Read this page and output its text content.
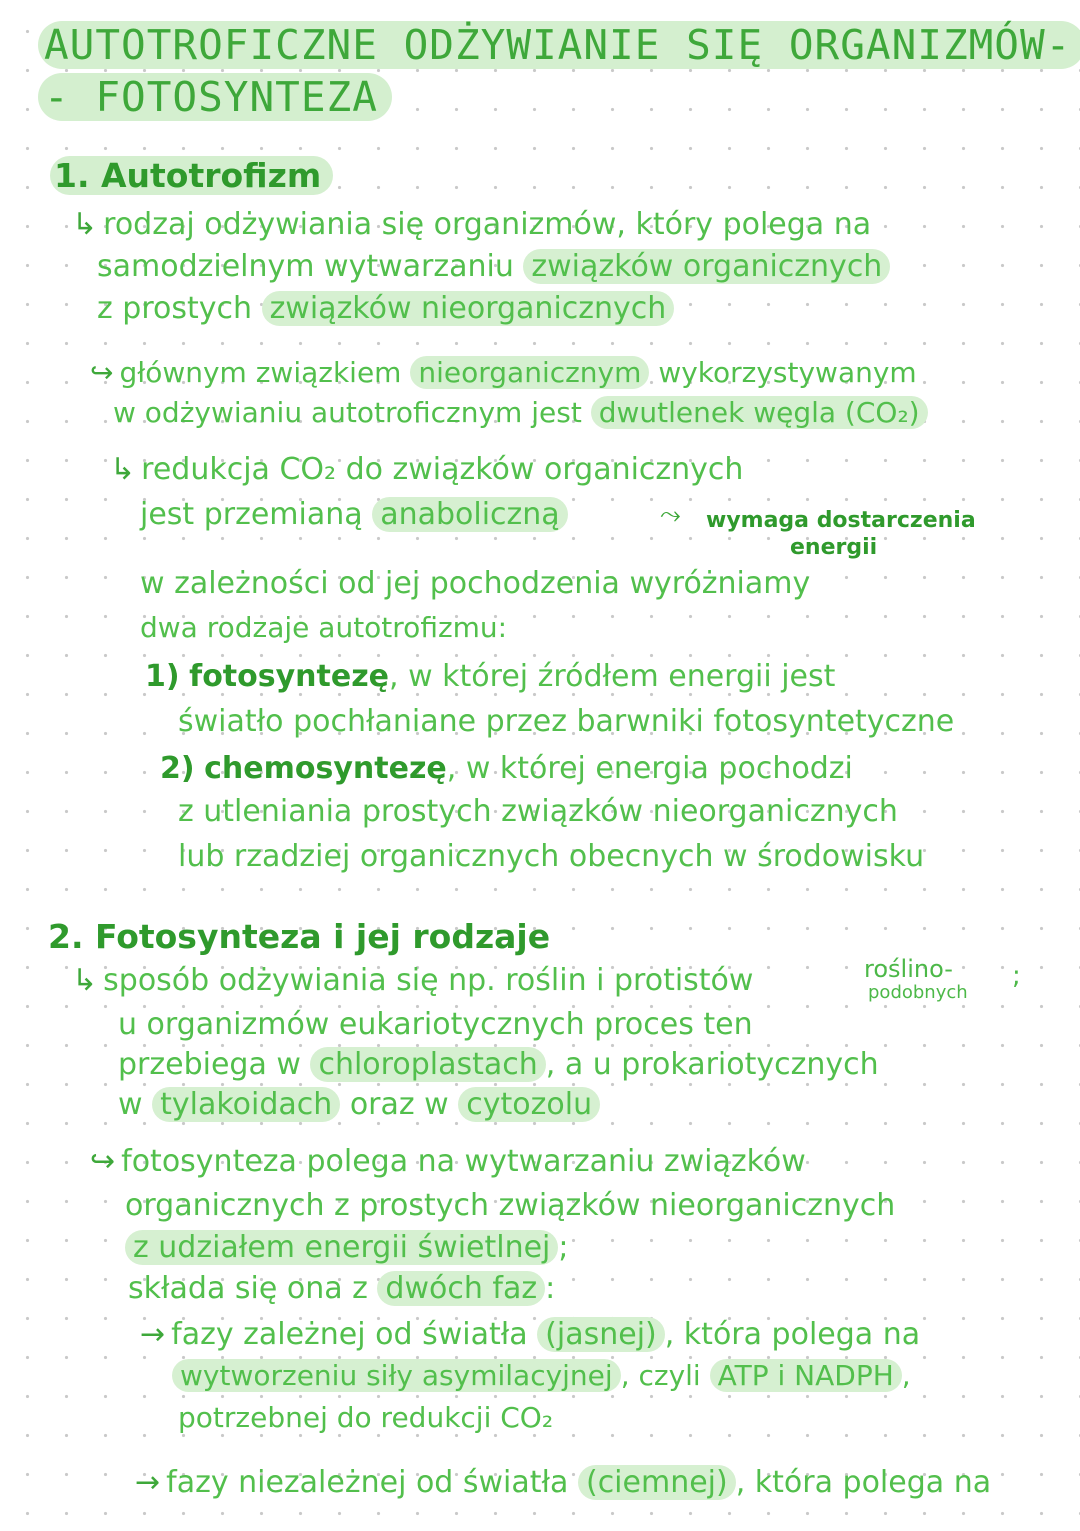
AUTOTROFICZNE ODŻYWIANIE SIĘ ORGANIZMÓW-
- FOTOSYNTEZA
1. Autotrofizm
↳ rodzaj odżywiania się organizmów, który polega na
samodzielnym wytwarzaniu związków organicznych
z prostych związków nieorganicznych
↪ głównym związkiem nieorganicznym wykorzystywanym
w odżywianiu autotroficznym jest dwutlenek węgla (CO₂)
↳ redukcja CO₂ do związków organicznych
jest przemianą anaboliczną	⤳ wymaga dostarczenia
energii
w zależności od jej pochodzenia wyróżniamy
dwa rodzaje autotrofizmu:
1) fotosyntezę, w której źródłem energii jest
światło pochłaniane przez barwniki fotosyntetyczne
2) chemosyntezę, w której energia pochodzi
z utleniania prostych związków nieorganicznych
lub rzadziej organicznych obecnych w środowisku
2. Fotosynteza i jej rodzaje
↳ sposób odżywiania się np. roślin i protistów	roślino-
podobnych
;
u organizmów eukariotycznych proces ten
przebiega w chloroplastach , a u prokariotycznych
w tylakoidach oraz w cytozolu
↪ fotosynteza polega na wytwarzaniu związków
organicznych z prostych związków nieorganicznych
z udziałem energii świetlnej ;
składa się ona z dwóch faz :
→ fazy zależnej od światła (jasnej) , która polega na
wytworzeniu siły asymilacyjnej , czyli ATP i NADPH ,
potrzebnej do redukcji CO₂
→ fazy niezależnej od światła (ciemnej) , która polega na
